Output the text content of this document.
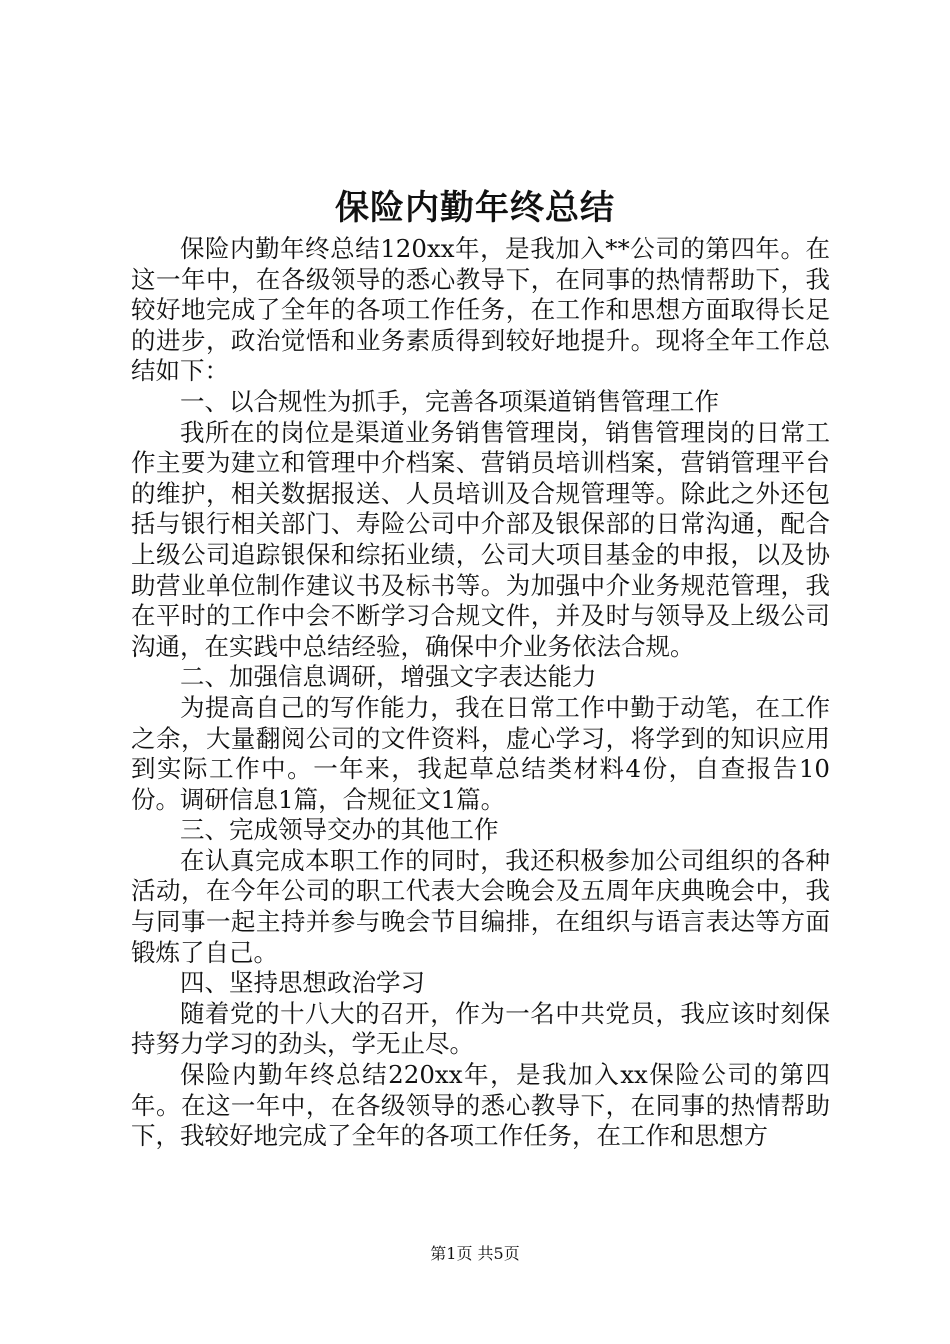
保险内勤年终总结

保险内勤年终总结120xx年，是我加入**公司的第四年。在这一年中，在各级领导的悉心教导下，在同事的热情帮助下，我较好地完成了全年的各项工作任务，在工作和思想方面取得长足的进步，政治觉悟和业务素质得到较好地提升。现将全年工作总结如下：

一、以合规性为抓手，完善各项渠道销售管理工作

我所在的岗位是渠道业务销售管理岗，销售管理岗的日常工作主要为建立和管理中介档案、营销员培训档案，营销管理平台的维护，相关数据报送、人员培训及合规管理等。除此之外还包括与银行相关部门、寿险公司中介部及银保部的日常沟通，配合上级公司追踪银保和综拓业绩，公司大项目基金的申报，以及协助营业单位制作建议书及标书等。为加强中介业务规范管理，我在平时的工作中会不断学习合规文件，并及时与领导及上级公司沟通，在实践中总结经验，确保中介业务依法合规。

二、加强信息调研，增强文字表达能力

为提高自己的写作能力，我在日常工作中勤于动笔，在工作之余，大量翻阅公司的文件资料，虚心学习，将学到的知识应用到实际工作中。一年来，我起草总结类材料4份，自查报告10份。调研信息1篇，合规征文1篇。

三、完成领导交办的其他工作

在认真完成本职工作的同时，我还积极参加公司组织的各种活动，在今年公司的职工代表大会晚会及五周年庆典晚会中，我与同事一起主持并参与晚会节目编排，在组织与语言表达等方面锻炼了自己。

四、坚持思想政治学习

随着党的十八大的召开，作为一名中共党员，我应该时刻保持努力学习的劲头，学无止尽。

保险内勤年终总结220xx年，是我加入xx保险公司的第四年。在这一年中，在各级领导的悉心教导下，在同事的热情帮助下，我较好地完成了全年的各项工作任务，在工作和思想方

第1页 共5页
